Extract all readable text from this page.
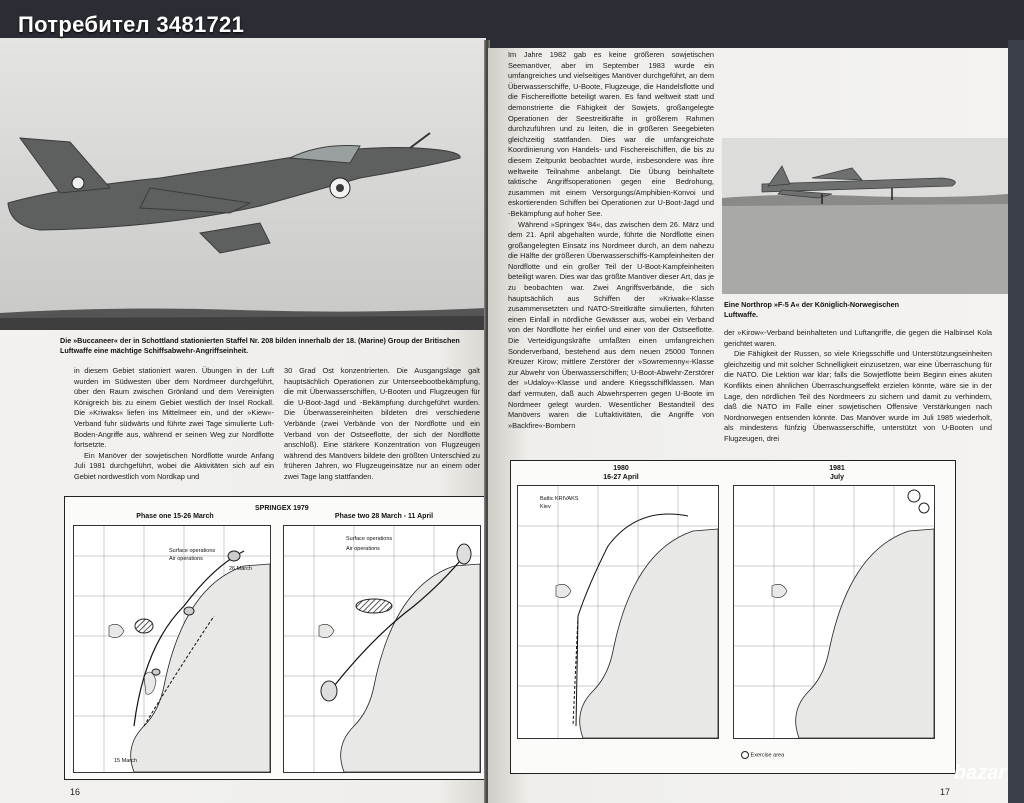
Потребител 3481721
Die »Buccaneer« der in Schottland stationierten Staffel Nr. 208 bilden innerhalb der 18. (Marine) Group der Britischen Luftwaffe eine mächtige Schiffsabwehr-Angriffseinheit.

in diesem Gebiet stationiert waren. Übungen in der Luft wurden im Südwesten über dem Nordmeer durchgeführt, über den Raum zwischen Grönland und dem Vereinigten Königreich bis zu einem Gebiet westlich der Insel Rockall. Die »Kriwaks« liefen ins Mittelmeer ein, und der »Kiew«-Verband fuhr südwärts und führte zwei Tage simulierte Luft-Boden-Angriffe aus, während er seinen Weg zur Nordflotte fortsetzte.

Ein Manöver der sowjetischen Nordflotte wurde Anfang Juli 1981 durchgeführt, wobei die Aktivitäten sich auf ein Gebiet nordwestlich vom Nordkap und

30 Grad Ost konzentrierten. Die Ausgangslage galt hauptsächlich Operationen zur Unterseebootbekämpfung, die mit Überwasserschiffen, U-Booten und Flugzeugen für die U-Boot-Jagd und -Bekämpfung durchgeführt wurden. Die Überwassereinheiten bildeten drei verschiedene Verbände (zwei Verbände von der Nordflotte und ein Verband von der Ostseeflotte, der sich der Nordflotte anschloß). Eine stärkere Konzentration von Flugzeugen während des Manövers bildete den größten Unterschied zu früheren Jahren, wo Flugzeugeinsätze nur an einem oder zwei Tage lang stattfanden.

SPRINGEX 1979
Phase one 15-26 March	Phase two 28 March - 11 April
Surface operations
Air operations
26 March
15 March
Surface operations
Air operations
16

Im Jahre 1982 gab es keine größeren sowjetischen Seemanöver, aber im September 1983 wurde ein umfangreiches und vielseitiges Manöver durchgeführt, an dem Überwasserschiffe, U-Boote, Flugzeuge, die Handelsflotte und die Fischereiflotte beteiligt waren. Es fand weltweit statt und demonstrierte die Fähigkeit der Sowjets, großangelegte Operationen der Seestreitkräfte in größerem Rahmen durchzuführen und zu leiten, die in größeren Seegebieten gleichzeitig stattfanden. Dies war die umfangreichste Koordinierung von Handels- und Fischereischiffen, die bis zu diesem Zeitpunkt beobachtet wurde, insbesondere was ihre weltweite Teilnahme anbelangt. Die Übung beinhaltete taktische Angriffsoperationen gegen eine Bedrohung, zusammen mit einem Versorgungs/Amphibien-Konvoi und eskortierenden Schiffen bei Operationen zur U-Boot-Jagd und -Bekämpfung auf hoher See.

Während »Springex '84«, das zwischen dem 26. März und dem 21. April abgehalten wurde, führte die Nordflotte einen großangelegten Einsatz ins Nordmeer durch, an dem nahezu die Hälfte der größeren Überwasserschiffs-Kampfeinheiten der Nordflotte und ein großer Teil der U-Boot-Kampfeinheiten beteiligt waren. Dies war das größte Manöver dieser Art, das je zu beobachten war. Zwei Angriffsverbände, die sich hauptsächlich aus Schiffen der »Kriwak«-Klasse zusammensetzten und NATO-Streitkräfte simulierten, führten einen Einfall in nördliche Gewässer aus, wobei ein Verband von der Nordflotte her einfiel und einer von der Ostseeflotte. Die Verteidigungskräfte umfaßten einen umfangreichen Sonderverband, bestehend aus dem neuen 25000 Tonnen Kreuzer Kirow; mittlere Zerstörer der »Sowremenny«-Klasse zur Abwehr von Überwasserschiffen; U-Boot-Abwehr-Zerstörer der »Udaloy«-Klasse und andere Kriegsschiffklassen. Man darf vermuten, daß auch Abwehrsperren gegen U-Boote im Nordmeer gelegt wurden. Wesentlicher Bestandteil des Manövers waren die Luftaktivitäten, die Angriffe von »Backfire«-Bombern

Eine Northrop »F-5 A« der Königlich-Norwegischen Luftwaffe.

der »Kirow«-Verband beinhalteten und Luftangriffe, die gegen die Halbinsel Kola gerichtet waren.

Die Fähigkeit der Russen, so viele Kriegsschiffe und Unterstützungseinheiten gleichzeitig und mit solcher Schnelligkeit einzusetzen, war eine Überraschung für die NATO. Die Lektion war klar; falls die Sowjetflotte beim Beginn eines akuten Konflikts einen ähnlichen Überraschungseffekt erzielen könnte, wäre sie in der Lage, den nördlichen Teil des Nordmeers zu sichern und damit zu verhindern, daß die NATO im Falle einer sowjetischen Offensive Verstärkungen nach Nordnorwegen entsenden könnte. Das Manöver wurde im Juli 1985 wiederholt, als mindestens fünfzig Überwasserschiffe, unterstützt von U-Booten und Flugzeugen, drei

1980
16-27 April
1981
July
Baltic KRIVAKS
Kiev
Exercise area
17
bazar
